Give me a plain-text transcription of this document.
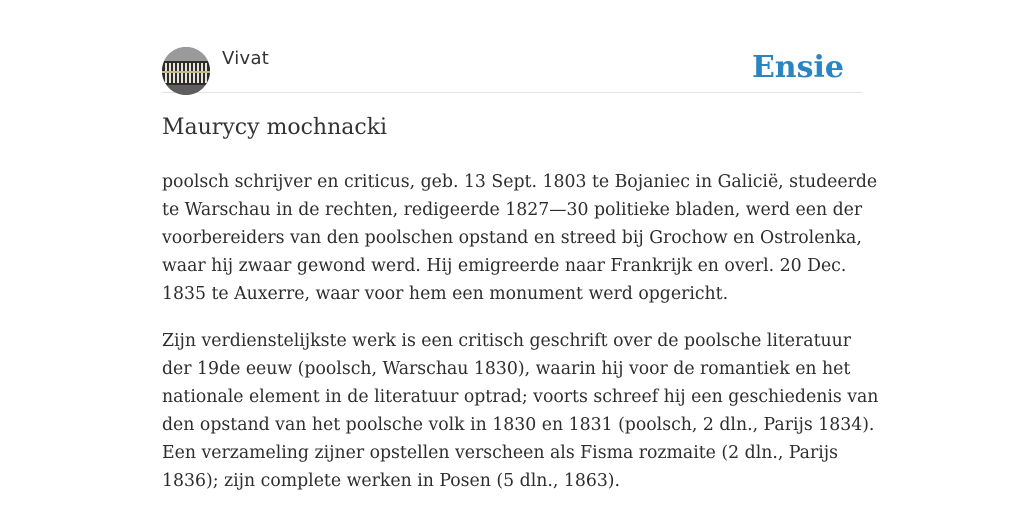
Vivat	Ensie
Maurycy mochnacki

poolsch schrijver en criticus, geb. 13 Sept. 1803 te Bojaniec in Galicië, studeerde te Warschau in de rechten, redigeerde 1827—30 politieke bladen, werd een der voorbereiders van den poolschen opstand en streed bij Grochow en Ostrolenka, waar hij zwaar gewond werd. Hij emigreerde naar Frankrijk en overl. 20 Dec. 1835 te Auxerre, waar voor hem een monument werd opgericht.

Zijn verdienstelijkste werk is een critisch geschrift over de poolsche literatuur der 19de eeuw (poolsch, Warschau 1830), waarin hij voor de romantiek en het nationale element in de literatuur optrad; voorts schreef hij een geschiedenis van den opstand van het poolsche volk in 1830 en 1831 (poolsch, 2 dln., Parijs 1834). Een verzameling zijner opstellen verscheen als Fisma rozmaite (2 dln., Parijs 1836); zijn complete werken in Posen (5 dln., 1863).
